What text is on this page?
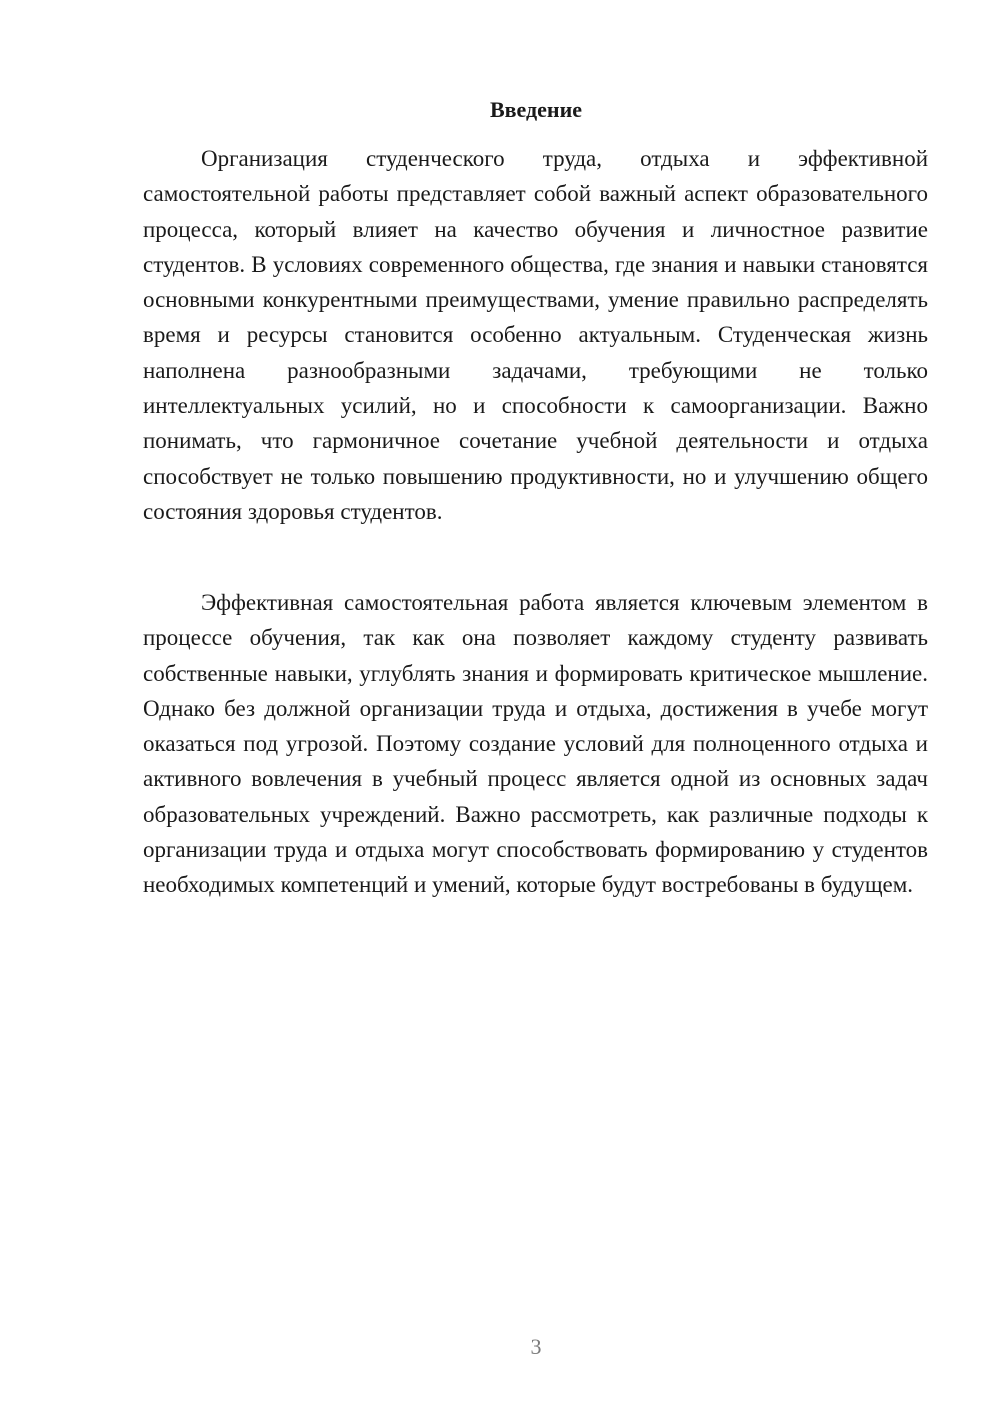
Введение

Организация студенческого труда, отдыха и эффективной самостоятельной работы представляет собой важный аспект образовательного процесса, который влияет на качество обучения и личностное развитие студентов. В условиях современного общества, где знания и навыки становятся основными конкурентными преимуществами, умение правильно распределять время и ресурсы становится особенно актуальным. Студенческая жизнь наполнена разнообразными задачами, требующими не только интеллектуальных усилий, но и способности к самоорганизации. Важно понимать, что гармоничное сочетание учебной деятельности и отдыха способствует не только повышению продуктивности, но и улучшению общего состояния здоровья студентов.

Эффективная самостоятельная работа является ключевым элементом в процессе обучения, так как она позволяет каждому студенту развивать собственные навыки, углублять знания и формировать критическое мышление. Однако без должной организации труда и отдыха, достижения в учебе могут оказаться под угрозой. Поэтому создание условий для полноценного отдыха и активного вовлечения в учебный процесс является одной из основных задач образовательных учреждений. Важно рассмотреть, как различные подходы к организации труда и отдыха могут способствовать формированию у студентов необходимых компетенций и умений, которые будут востребованы в будущем.

3
